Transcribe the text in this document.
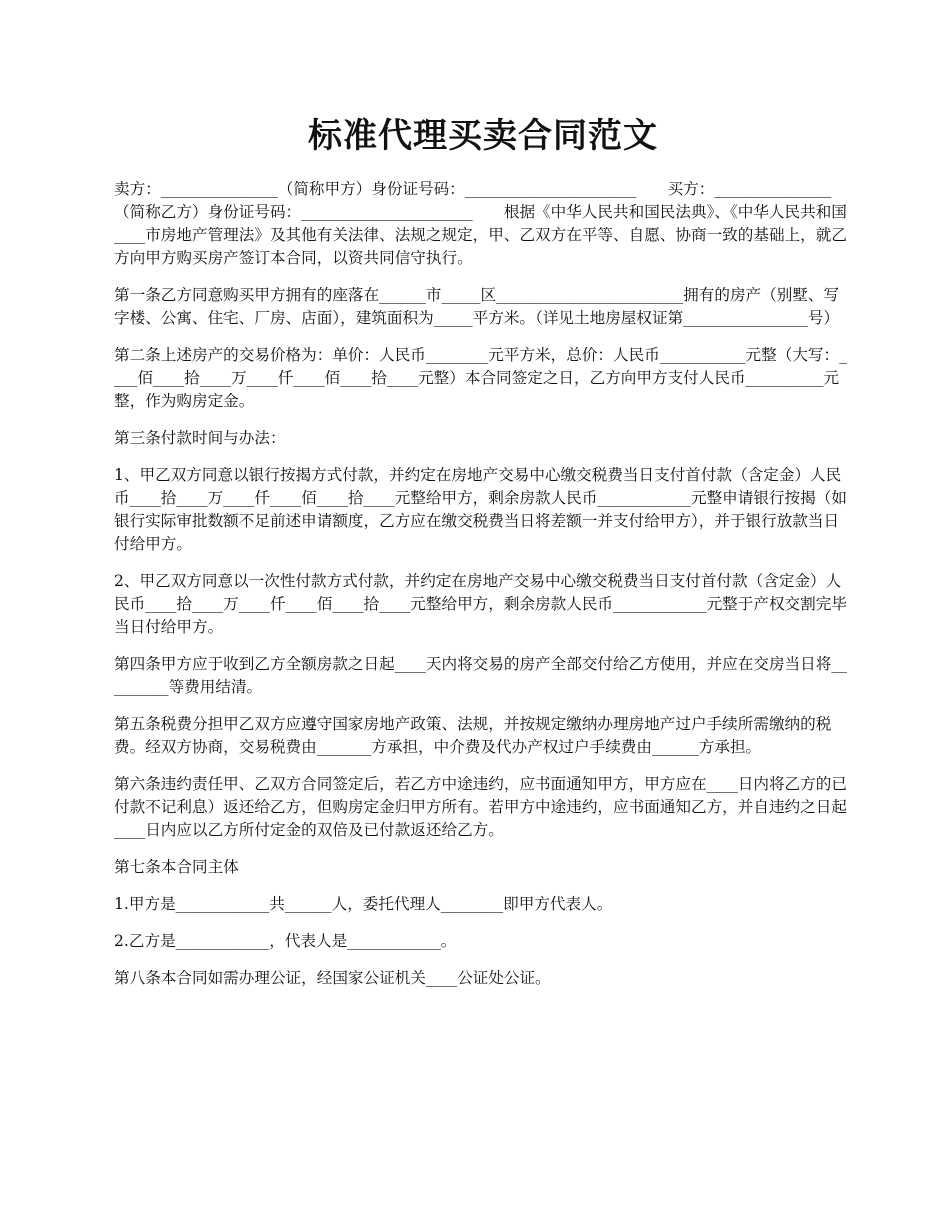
标准代理买卖合同范文

卖方：_______________（简称甲方）身份证号码：______________________　　买方：_______________（简称乙方）身份证号码：______________________　　根据《中华人民共和国民法典》、《中华人民共和国____市房地产管理法》及其他有关法律、法规之规定，甲、乙双方在平等、自愿、协商一致的基础上，就乙方向甲方购买房产签订本合同，以资共同信守执行。

第一条乙方同意购买甲方拥有的座落在______市_____区________________________拥有的房产（别墅、写字楼、公寓、住宅、厂房、店面），建筑面积为_____平方米。（详见土地房屋权证第________________号）

第二条上述房产的交易价格为：单价：人民币________元平方米，总价：人民币___________元整（大写：____佰____拾____万____仟____佰____拾____元整）本合同签定之日，乙方向甲方支付人民币__________元整，作为购房定金。

第三条付款时间与办法：

1、甲乙双方同意以银行按揭方式付款，并约定在房地产交易中心缴交税费当日支付首付款（含定金）人民币____拾____万____仟____佰____拾____元整给甲方，剩余房款人民币____________元整申请银行按揭（如银行实际审批数额不足前述申请额度，乙方应在缴交税费当日将差额一并支付给甲方），并于银行放款当日付给甲方。

2、甲乙双方同意以一次性付款方式付款，并约定在房地产交易中心缴交税费当日支付首付款（含定金）人民币____拾____万____仟____佰____拾____元整给甲方，剩余房款人民币____________元整于产权交割完毕当日付给甲方。

第四条甲方应于收到乙方全额房款之日起____天内将交易的房产全部交付给乙方使用，并应在交房当日将_________等费用结清。

第五条税费分担甲乙双方应遵守国家房地产政策、法规，并按规定缴纳办理房地产过户手续所需缴纳的税费。经双方协商，交易税费由_______方承担，中介费及代办产权过户手续费由______方承担。

第六条违约责任甲、乙双方合同签定后，若乙方中途违约，应书面通知甲方，甲方应在____日内将乙方的已付款不记利息）返还给乙方，但购房定金归甲方所有。若甲方中途违约，应书面通知乙方，并自违约之日起____日内应以乙方所付定金的双倍及已付款返还给乙方。

第七条本合同主体

1.甲方是____________共______人，委托代理人________即甲方代表人。

2.乙方是____________，代表人是____________。

第八条本合同如需办理公证，经国家公证机关____公证处公证。
